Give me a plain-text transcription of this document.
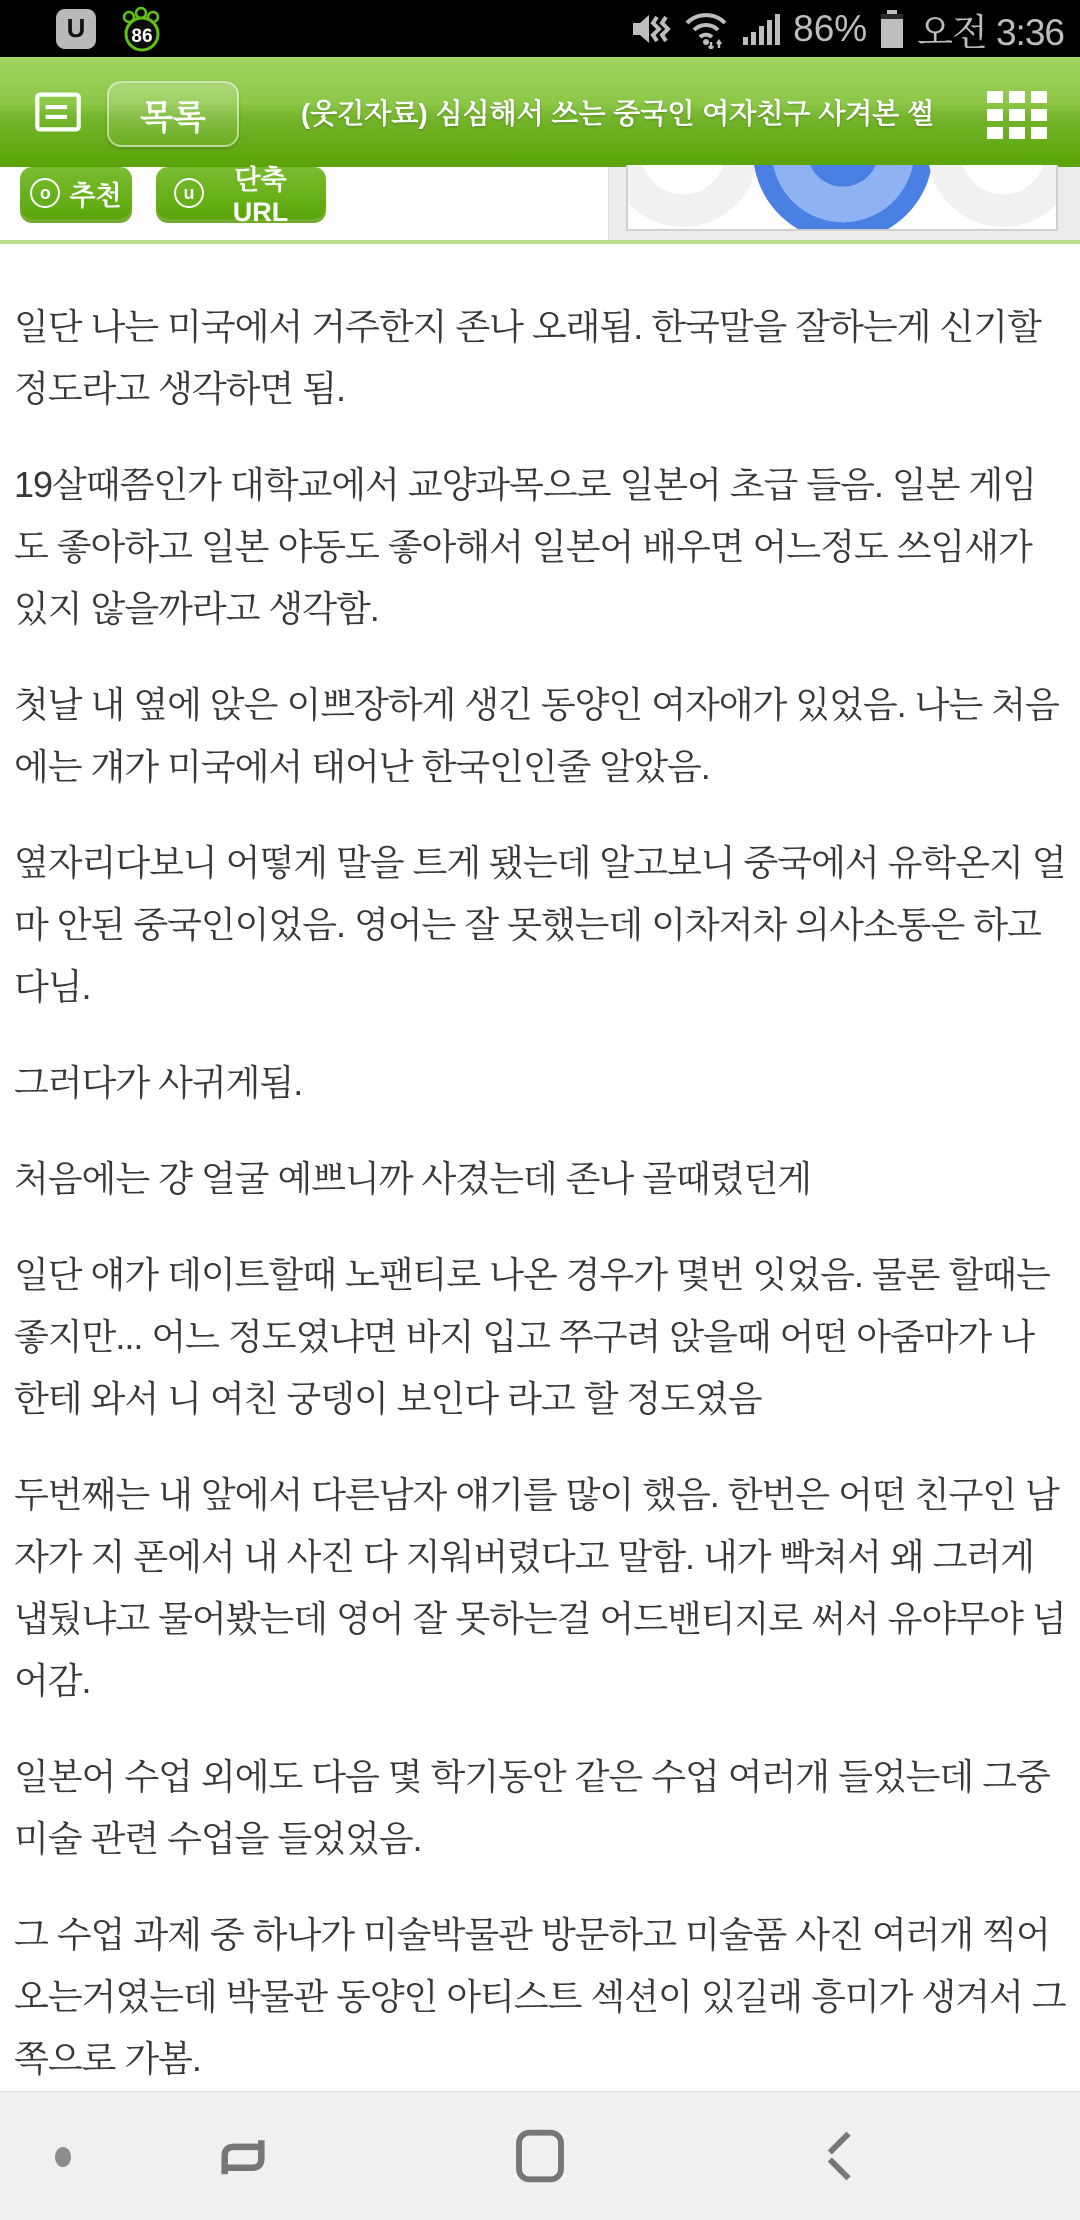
U	86	86% 오전 3:36
목록	(웃긴자료) 심심해서 쓰는 중국인 여자친구 사겨본 썰
o 추천	u	단축URL

일단 나는 미국에서 거주한지 존나 오래됨. 한국말을 잘하는게 신기할 정도라고 생각하면 됨.

19살때쯤인가 대학교에서 교양과목으로 일본어 초급 들음. 일본 게임도 좋아하고 일본 야동도 좋아해서 일본어 배우면 어느정도 쓰임새가 있지 않을까라고 생각함.

첫날 내 옆에 앉은 이쁘장하게 생긴 동양인 여자애가 있었음. 나는 처음에는 걔가 미국에서 태어난 한국인인줄 알았음.

옆자리다보니 어떻게 말을 트게 됐는데 알고보니 중국에서 유학온지 얼마 안된 중국인이었음. 영어는 잘 못했는데 이차저차 의사소통은 하고다님.

그러다가 사귀게됨.

처음에는 걍 얼굴 예쁘니까 사겼는데 존나 골때렸던게

일단 얘가 데이트할때 노팬티로 나온 경우가 몇번 잇었음. 물론 할때는 좋지만... 어느 정도였냐면 바지 입고 쭈구려 앉을때 어떤 아줌마가 나한테 와서 니 여친 궁뎅이 보인다 라고 할 정도였음

두번째는 내 앞에서 다른남자 얘기를 많이 했음. 한번은 어떤 친구인 남자가 지 폰에서 내 사진 다 지워버렸다고 말함. 내가 빡쳐서 왜 그러게 냅뒀냐고 물어봤는데 영어 잘 못하는걸 어드밴티지로 써서 유야무야 넘어감.

일본어 수업 외에도 다음 몇 학기동안 같은 수업 여러개 들었는데 그중 미술 관련 수업을 들었었음.

그 수업 과제 중 하나가 미술박물관 방문하고 미술품 사진 여러개 찍어 오는거였는데 박물관 동양인 아티스트 섹션이 있길래 흥미가 생겨서 그 쪽으로 가봄.
